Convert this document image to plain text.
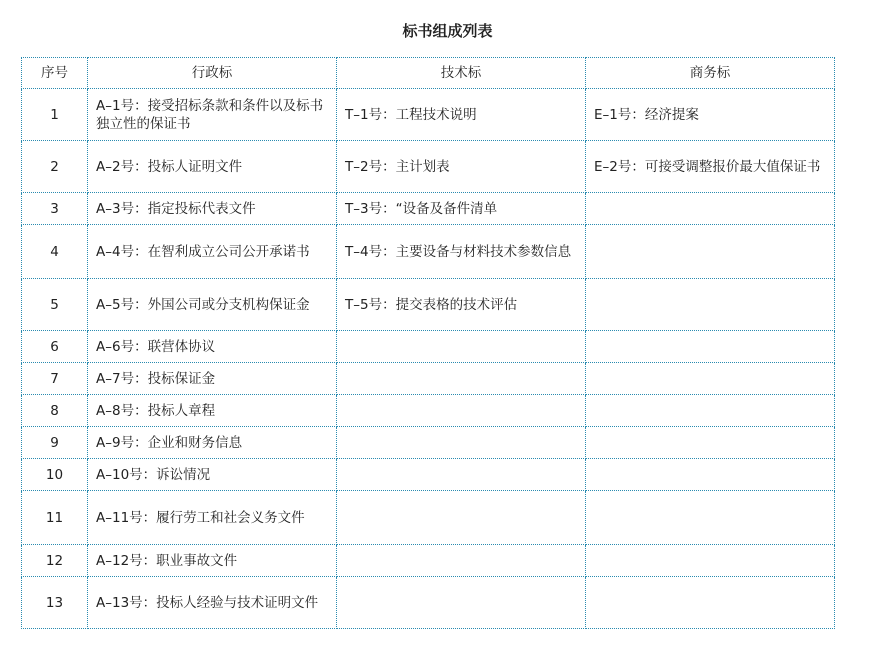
标书组成列表
序号	行政标	技术标	商务标
1	A–1号：接受招标条款和条件以及标书独立性的保证书	T–1号：工程技术说明	E–1号：经济提案
2	A–2号：投标人证明文件	T–2号：主计划表	E–2号：可接受调整报价最大值保证书
3	A–3号：指定投标代表文件	T–3号：“设备及备件清单	
4	A–4号：在智利成立公司公开承诺书	T–4号：主要设备与材料技术参数信息	
5	A–5号：外国公司或分支机构保证金	T–5号：提交表格的技术评估	
6	A–6号：联营体协议		
7	A–7号：投标保证金		
8	A–8号：投标人章程		
9	A–9号：企业和财务信息		
10	A–10号：诉讼情况		
11	A–11号：履行劳工和社会义务文件		
12	A–12号：职业事故文件		
13	A–13号：投标人经验与技术证明文件		
